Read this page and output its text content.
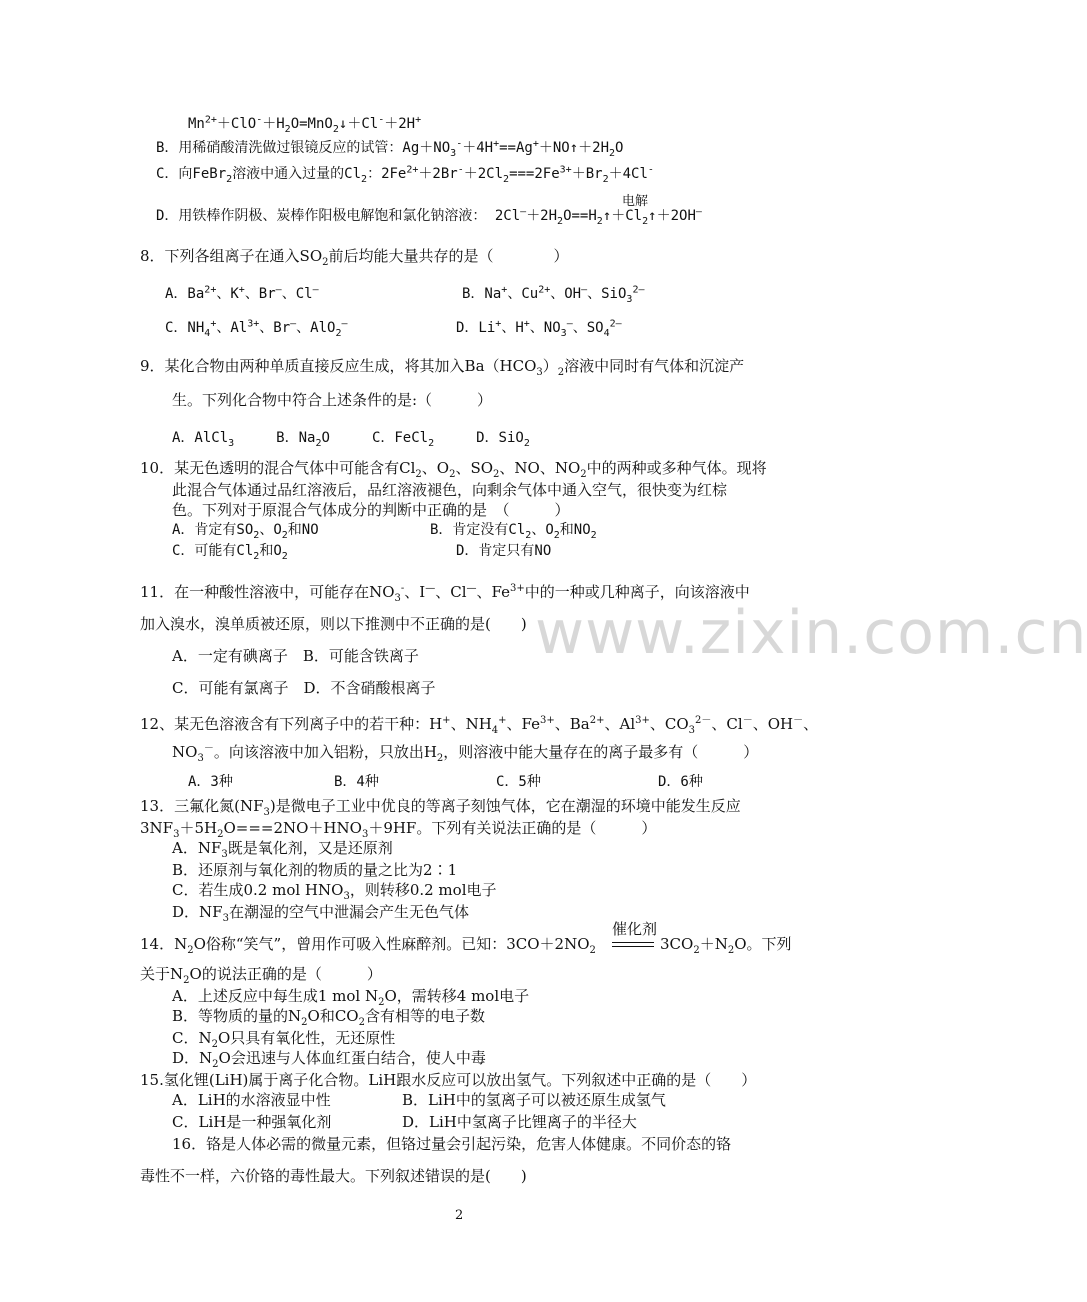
www.zixin.com.cn
$Mn^{2+}+ClO^-+H_2O=MnO_2↓+Cl^-+2H^+$
B．用稀硝酸清洗做过银镜反应的试管：$Ag+NO_3^-+4H^+==Ag^++NO↑+2H_2O$
C．向FeBr$_2$溶液中通入过量的$Cl_2$：$2Fe^{2+}+2Br^-+2Cl_2===2Fe^{3+}+Br_2+4Cl^-$
电解
D．用铁棒作阴极、炭棒作阳极电解饱和氯化钠溶液： $2Cl^—+2H_2O==H_2↑+Cl_2↑+2OH^—$
8．下列各组离子在通入$SO_2$前后均能大量共存的是（　　　　）
A．$Ba^{2+}$、K+、Br—、Cl—	B．Na+、$Cu^{2+}$、OH—、SiO$_3^{2—}$
C．$NH_4^+$、$Al^{3+}$、Br—、AlO$_2$—	D．Li+、H+、$NO_3^—$、$SO_4^{2—}$
9．某化合物由两种单质直接反应生成，将其加入$Ba(HCO_3)_2$溶液中同时有气体和沉淀产
生。下列化合物中符合上述条件的是:（　　　）
A．AlCl$_3$　　　B．$Na_2O$　　　C．FeCl$_2$　　　D．SiO$_2$
10．某无色透明的混合气体中可能含有$Cl_2$、$O_2$、$SO_2$、NO、$NO_2$中的两种或多种气体。现将
此混合气体通过品红溶液后，品红溶液褪色，向剩余气体中通入空气，很快变为红棕
色。下列对于原混合气体成分的判断中正确的是　（　　　）
A．肯定有$SO_2$、$O_2$和NO	B．肯定没有$Cl_2$、$O_2$和$NO_2$
C．可能有$Cl_2$和$O_2$	D．肯定只有NO
11．在一种酸性溶液中，可能存在$NO_3^-$、I—、Cl—、$Fe^{3+}$中的一种或几种离子，向该溶液中
加入溴水，溴单质被还原，则以下推测中不正确的是(　　)
A．一定有碘离子　B．可能含铁离子
C．可能有氯离子　D．不含硝酸根离子
12、某无色溶液含有下列离子中的若干种：H+、$NH_4^+$、$Fe^{3+}$、$Ba^{2+}$、$Al^{3+}$、$CO_3^{2-}$、Cl－、OH－、
$NO_3^-$。向该溶液中加入铝粉，只放出$H_2$，则溶液中能大量存在的离子最多有（　　　）
A．3种	B．4种	C．5种	D．6种
13．三氟化氮$(NF_3)$是微电子工业中优良的等离子刻蚀气体，它在潮湿的环境中能发生反应
$3NF_3+5H_2O===2NO+HNO_3+9HF$。下列有关说法正确的是（　　　）
A．$NF_3$既是氧化剂，又是还原剂
B．还原剂与氧化剂的物质的量之比为2∶1
C．若生成0.2 mol $HNO_3$，则转移0.2 mol电子
D．$NF_3$在潮湿的空气中泄漏会产生无色气体
催化剂
14．$N_2O$俗称“笑气”，曾用作可吸入性麻醉剂。已知：$3CO+2NO_2$	$3CO_2+N_2O$。下列
关于$N_2O$的说法正确的是（　　　）
A．上述反应中每生成1 mol $N_2O$，需转移4 mol电子
B．等物质的量的$N_2O$和$CO_2$含有相等的电子数
C．$N_2O$只具有氧化性，无还原性
D．$N_2O$会迅速与人体血红蛋白结合，使人中毒
15.氢化锂(LiH)属于离子化合物。LiH跟水反应可以放出氢气。下列叙述中正确的是（　　）
A．LiH的水溶液显中性	B．LiH中的氢离子可以被还原生成氢气
C．LiH是一种强氧化剂	D．LiH中氢离子比锂离子的半径大
16．铬是人体必需的微量元素，但铬过量会引起污染，危害人体健康。不同价态的铬
毒性不一样，六价铬的毒性最大。下列叙述错误的是(　　)
2
